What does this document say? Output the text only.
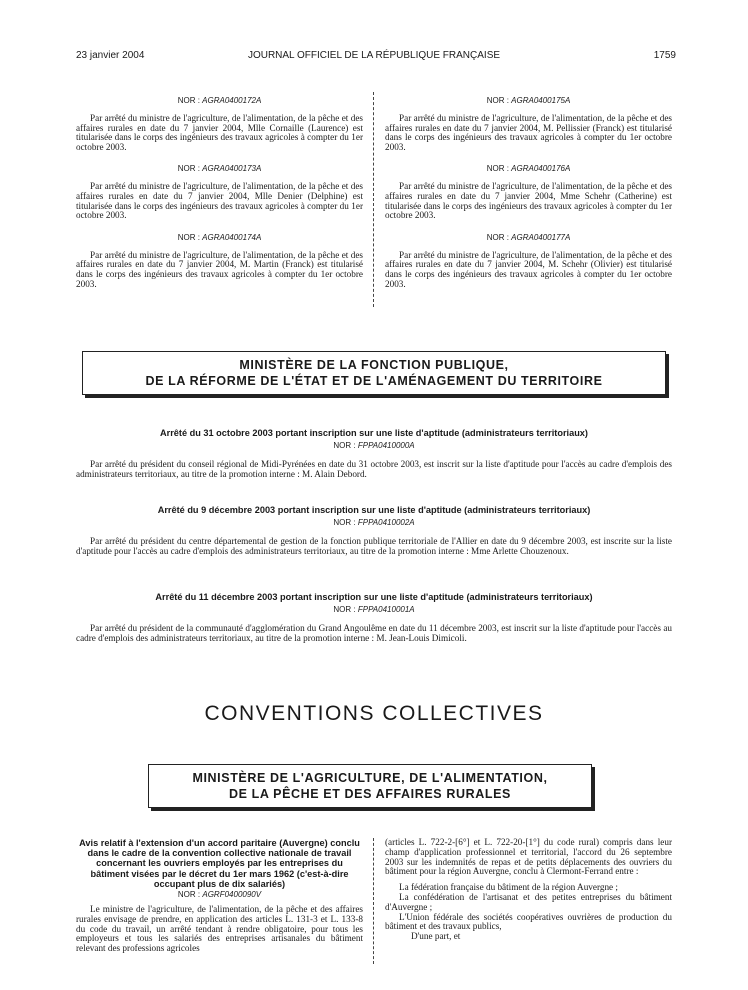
23 janvier 2004	JOURNAL OFFICIEL DE LA RÉPUBLIQUE FRANÇAISE	1759
NOR : AGRA0400172A

Par arrêté du ministre de l'agriculture, de l'alimentation, de la pêche et des affaires rurales en date du 7 janvier 2004, Mlle Cornaille (Laurence) est titularisée dans le corps des ingénieurs des travaux agricoles à compter du 1er octobre 2003.

NOR : AGRA0400173A

Par arrêté du ministre de l'agriculture, de l'alimentation, de la pêche et des affaires rurales en date du 7 janvier 2004, Mlle Denier (Delphine) est titularisée dans le corps des ingénieurs des travaux agricoles à compter du 1er octobre 2003.

NOR : AGRA0400174A

Par arrêté du ministre de l'agriculture, de l'alimentation, de la pêche et des affaires rurales en date du 7 janvier 2004, M. Martin (Franck) est titularisé dans le corps des ingénieurs des travaux agricoles à compter du 1er octobre 2003.

NOR : AGRA0400175A

Par arrêté du ministre de l'agriculture, de l'alimentation, de la pêche et des affaires rurales en date du 7 janvier 2004, M. Pellissier (Franck) est titularisé dans le corps des ingénieurs des travaux agricoles à compter du 1er octobre 2003.

NOR : AGRA0400176A

Par arrêté du ministre de l'agriculture, de l'alimentation, de la pêche et des affaires rurales en date du 7 janvier 2004, Mme Schehr (Catherine) est titularisée dans le corps des ingénieurs des travaux agricoles à compter du 1er octobre 2003.

NOR : AGRA0400177A

Par arrêté du ministre de l'agriculture, de l'alimentation, de la pêche et des affaires rurales en date du 7 janvier 2004, M. Schehr (Olivier) est titularisé dans le corps des ingénieurs des travaux agricoles à compter du 1er octobre 2003.

MINISTÈRE DE LA FONCTION PUBLIQUE,
DE LA RÉFORME DE L'ÉTAT ET DE L'AMÉNAGEMENT DU TERRITOIRE
Arrêté du 31 octobre 2003 portant inscription sur une liste d'aptitude (administrateurs territoriaux)
NOR : FPPA0410000A

Par arrêté du président du conseil régional de Midi-Pyrénées en date du 31 octobre 2003, est inscrit sur la liste d'aptitude pour l'accès au cadre d'emplois des administrateurs territoriaux, au titre de la promotion interne : M. Alain Debord.

Arrêté du 9 décembre 2003 portant inscription sur une liste d'aptitude (administrateurs territoriaux)
NOR : FPPA0410002A

Par arrêté du président du centre départemental de gestion de la fonction publique territoriale de l'Allier en date du 9 décembre 2003, est inscrite sur la liste d'aptitude pour l'accès au cadre d'emplois des administrateurs territoriaux, au titre de la promotion interne : Mme Arlette Chouzenoux.

Arrêté du 11 décembre 2003 portant inscription sur une liste d'aptitude (administrateurs territoriaux)
NOR : FPPA0410001A

Par arrêté du président de la communauté d'agglomération du Grand Angoulême en date du 11 décembre 2003, est inscrit sur la liste d'aptitude pour l'accès au cadre d'emplois des administrateurs territoriaux, au titre de la promotion interne : M. Jean-Louis Dimicoli.

CONVENTIONS COLLECTIVES
MINISTÈRE DE L'AGRICULTURE, DE L'ALIMENTATION,
DE LA PÊCHE ET DES AFFAIRES RURALES
Avis relatif à l'extension d'un accord paritaire (Auvergne) conclu dans le cadre de la convention collective nationale de travail concernant les ouvriers employés par les entreprises du bâtiment visées par le décret du 1er mars 1962 (c'est-à-dire occupant plus de dix salariés)
NOR : AGRF0400090V

Le ministre de l'agriculture, de l'alimentation, de la pêche et des affaires rurales envisage de prendre, en application des articles L. 131-3 et L. 133-8 du code du travail, un arrêté tendant à rendre obligatoire, pour tous les employeurs et tous les salariés des entreprises artisanales du bâtiment relevant des professions agricoles

(articles L. 722-2-[6°] et L. 722-20-[1°] du code rural) compris dans leur champ d'application professionnel et territorial, l'accord du 26 septembre 2003 sur les indemnités de repas et de petits déplacements des ouvriers du bâtiment pour la région Auvergne, conclu à Clermont-Ferrand entre :

La fédération française du bâtiment de la région Auvergne ;

La confédération de l'artisanat et des petites entreprises du bâtiment d'Auvergne ;

L'Union fédérale des sociétés coopératives ouvrières de production du bâtiment et des travaux publics,

D'une part, et
